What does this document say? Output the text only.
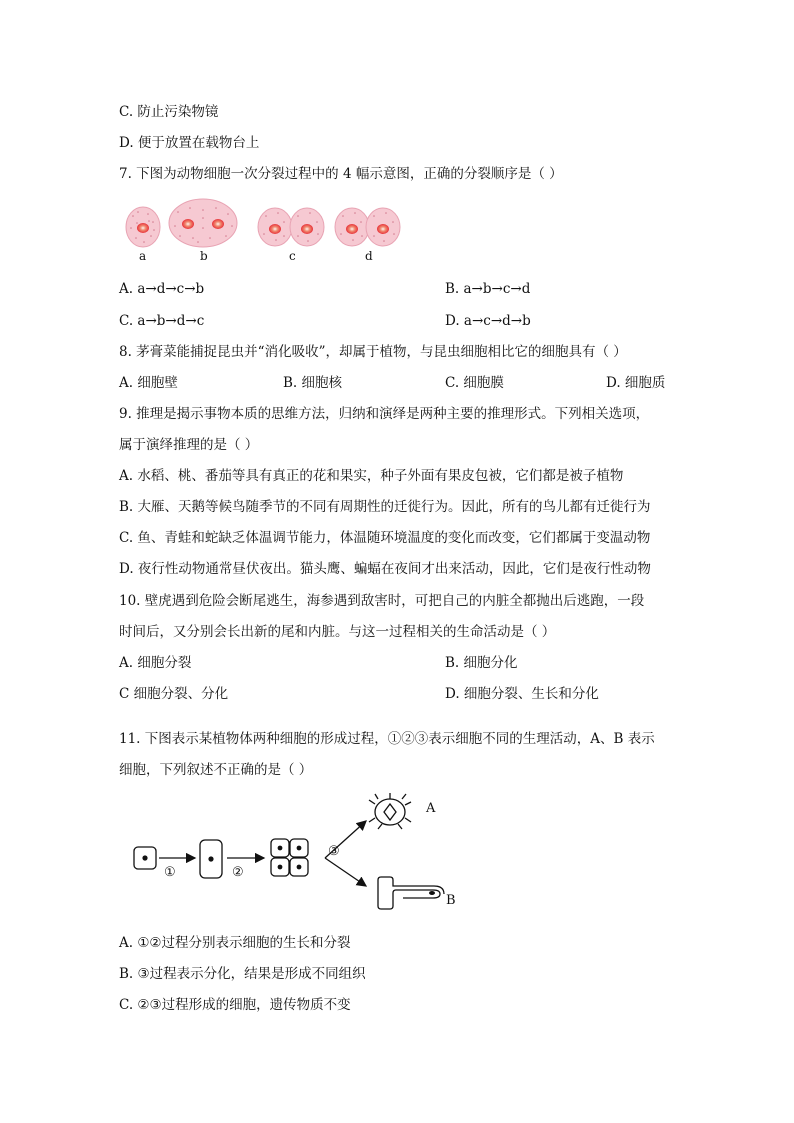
C. 防止污染物镜
D. 便于放置在载物台上
7. 下图为动物细胞一次分裂过程中的 4 幅示意图，正确的分裂顺序是（ ）
a	b	c	d
A. a→d→c→b	B. a→b→c→d
C. a→b→d→c	D. a→c→d→b
8. 茅膏菜能捕捉昆虫并“消化吸收”，却属于植物，与昆虫细胞相比它的细胞具有（ ）
A. 细胞壁	B. 细胞核	C. 细胞膜	D. 细胞质
9. 推理是揭示事物本质的思维方法，归纳和演绎是两种主要的推理形式。下列相关选项，
属于演绎推理的是（ ）
A. 水稻、桃、番茄等具有真正的花和果实，种子外面有果皮包被，它们都是被子植物
B. 大雁、天鹅等候鸟随季节的不同有周期性的迁徙行为。因此，所有的鸟儿都有迁徙行为
C. 鱼、青蛙和蛇缺乏体温调节能力，体温随环境温度的变化而改变，它们都属于变温动物
D. 夜行性动物通常昼伏夜出。猫头鹰、蝙蝠在夜间才出来活动，因此，它们是夜行性动物
10. 壁虎遇到危险会断尾逃生，海参遇到敌害时，可把自己的内脏全都抛出后逃跑，一段
时间后，又分别会长出新的尾和内脏。与这一过程相关的生命活动是（ ）
A. 细胞分裂	B. 细胞分化
C 细胞分裂、分化	D. 细胞分裂、生长和分化
11. 下图表示某植物体两种细胞的形成过程，①②③表示细胞不同的生理活动，A、B 表示
细胞，下列叙述不正确的是（ ）
①	②
③
A
B
A. ①②过程分别表示细胞的生长和分裂
B. ③过程表示分化，结果是形成不同组织
C. ②③过程形成的细胞，遗传物质不变
